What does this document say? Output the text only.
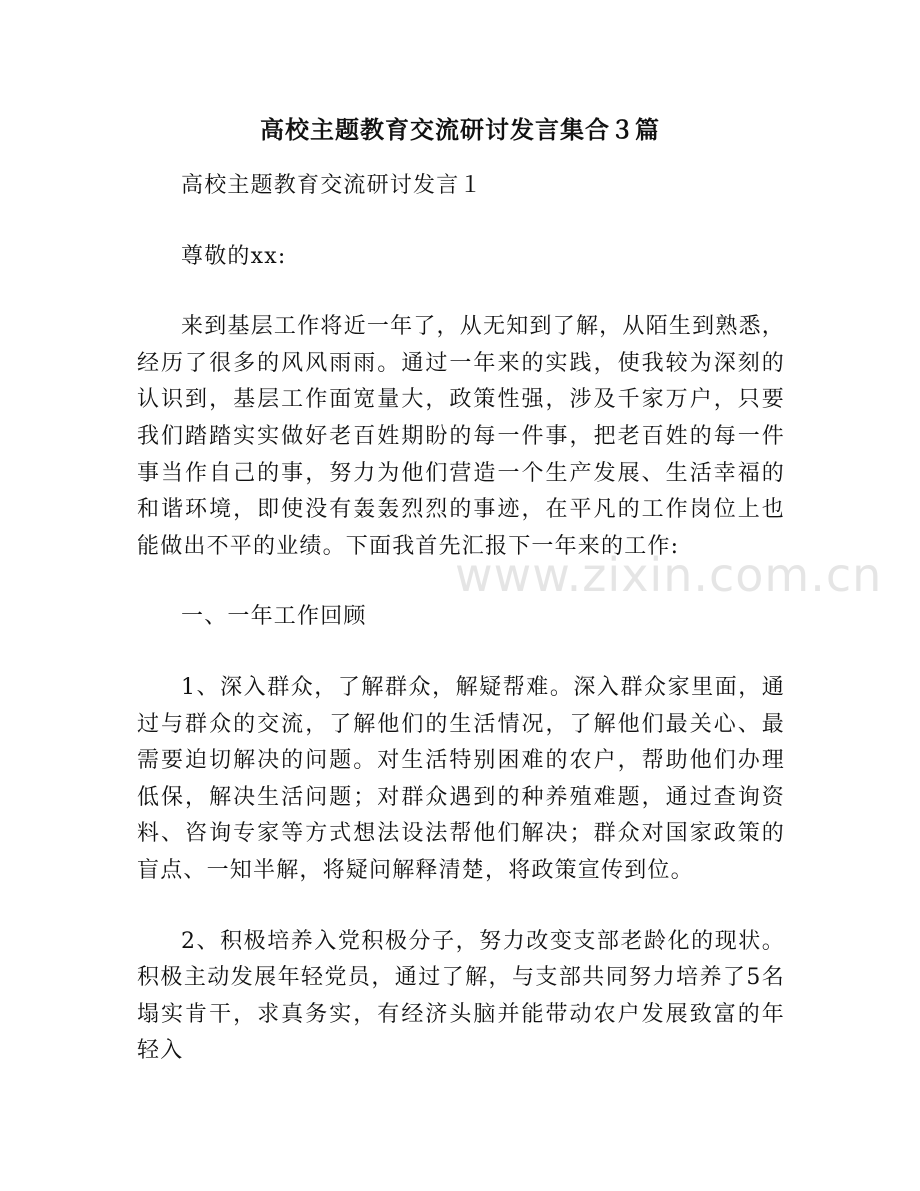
高校主题教育交流研讨发言集合３篇

高校主题教育交流研讨发言１

尊敬的xx:

来到基层工作将近一年了，从无知到了解，从陌生到熟悉，经历了很多的风风雨雨。通过一年来的实践，使我较为深刻的认识到，基层工作面宽量大，政策性强，涉及千家万户，只要我们踏踏实实做好老百姓期盼的每一件事，把老百姓的每一件事当作自己的事，努力为他们营造一个生产发展、生活幸福的和谐环境，即使没有轰轰烈烈的事迹，在平凡的工作岗位上也能做出不平的业绩。下面我首先汇报下一年来的工作:

一、一年工作回顾

1、深入群众，了解群众，解疑帮难。深入群众家里面，通过与群众的交流，了解他们的生活情况，了解他们最关心、最需要迫切解决的问题。对生活特别困难的农户，帮助他们办理低保，解决生活问题；对群众遇到的种养殖难题，通过查询资料、咨询专家等方式想法设法帮他们解决；群众对国家政策的盲点、一知半解，将疑问解释清楚，将政策宣传到位。

2、积极培养入党积极分子，努力改变支部老龄化的现状。积极主动发展年轻党员，通过了解，与支部共同努力培养了5名塌实肯干，求真务实，有经济头脑并能带动农户发展致富的年轻入

www.zixin.com.cn
